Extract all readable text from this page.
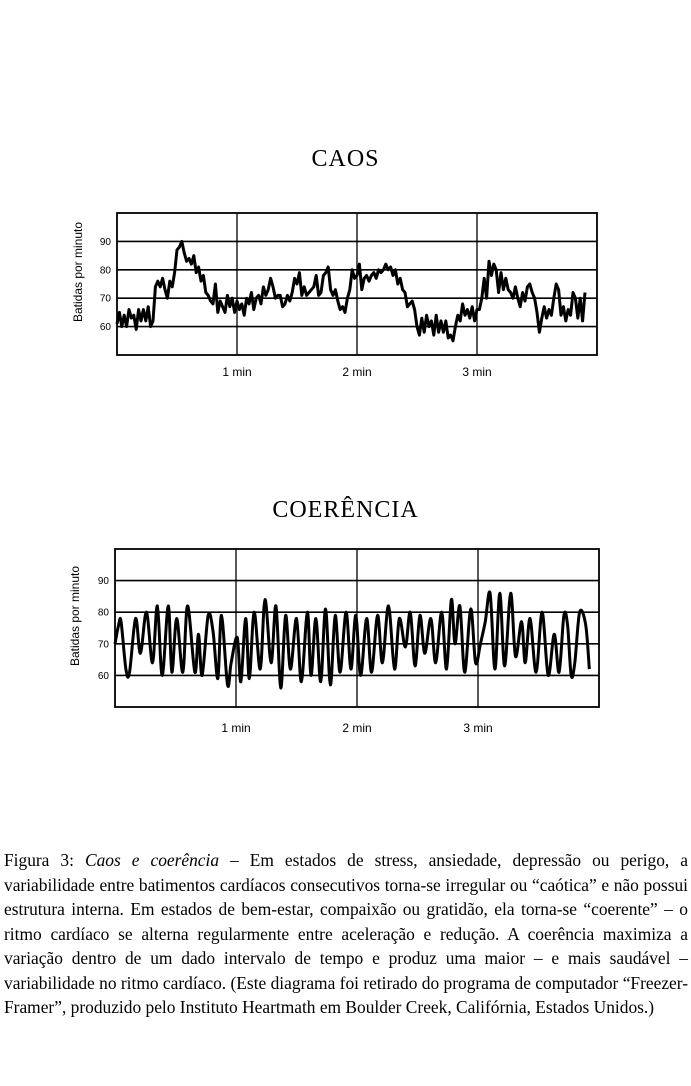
CAOS
60
70
80
90
1 min	2 min	3 min
Batidas por minuto
COERÊNCIA
60
70
80
90
1 min	2 min	3 min
Batidas por minuto
Figura 3: Caos e coerência – Em estados de stress, ansiedade, depressão ou perigo, a variabilidade entre batimentos cardíacos consecutivos torna-se irregular ou “caótica” e não possui estrutura interna. Em estados de bem-estar, compaixão ou gratidão, ela torna-se “coerente” – o ritmo cardíaco se alterna regularmente entre aceleração e redução. A coerência maximiza a variação dentro de um dado intervalo de tempo e produz uma maior – e mais saudável – variabilidade no ritmo cardíaco. (Este diagrama foi retirado do programa de computador “Freezer-Framer”, produzido pelo Instituto Heartmath em Boulder Creek, Califórnia, Estados Unidos.)
